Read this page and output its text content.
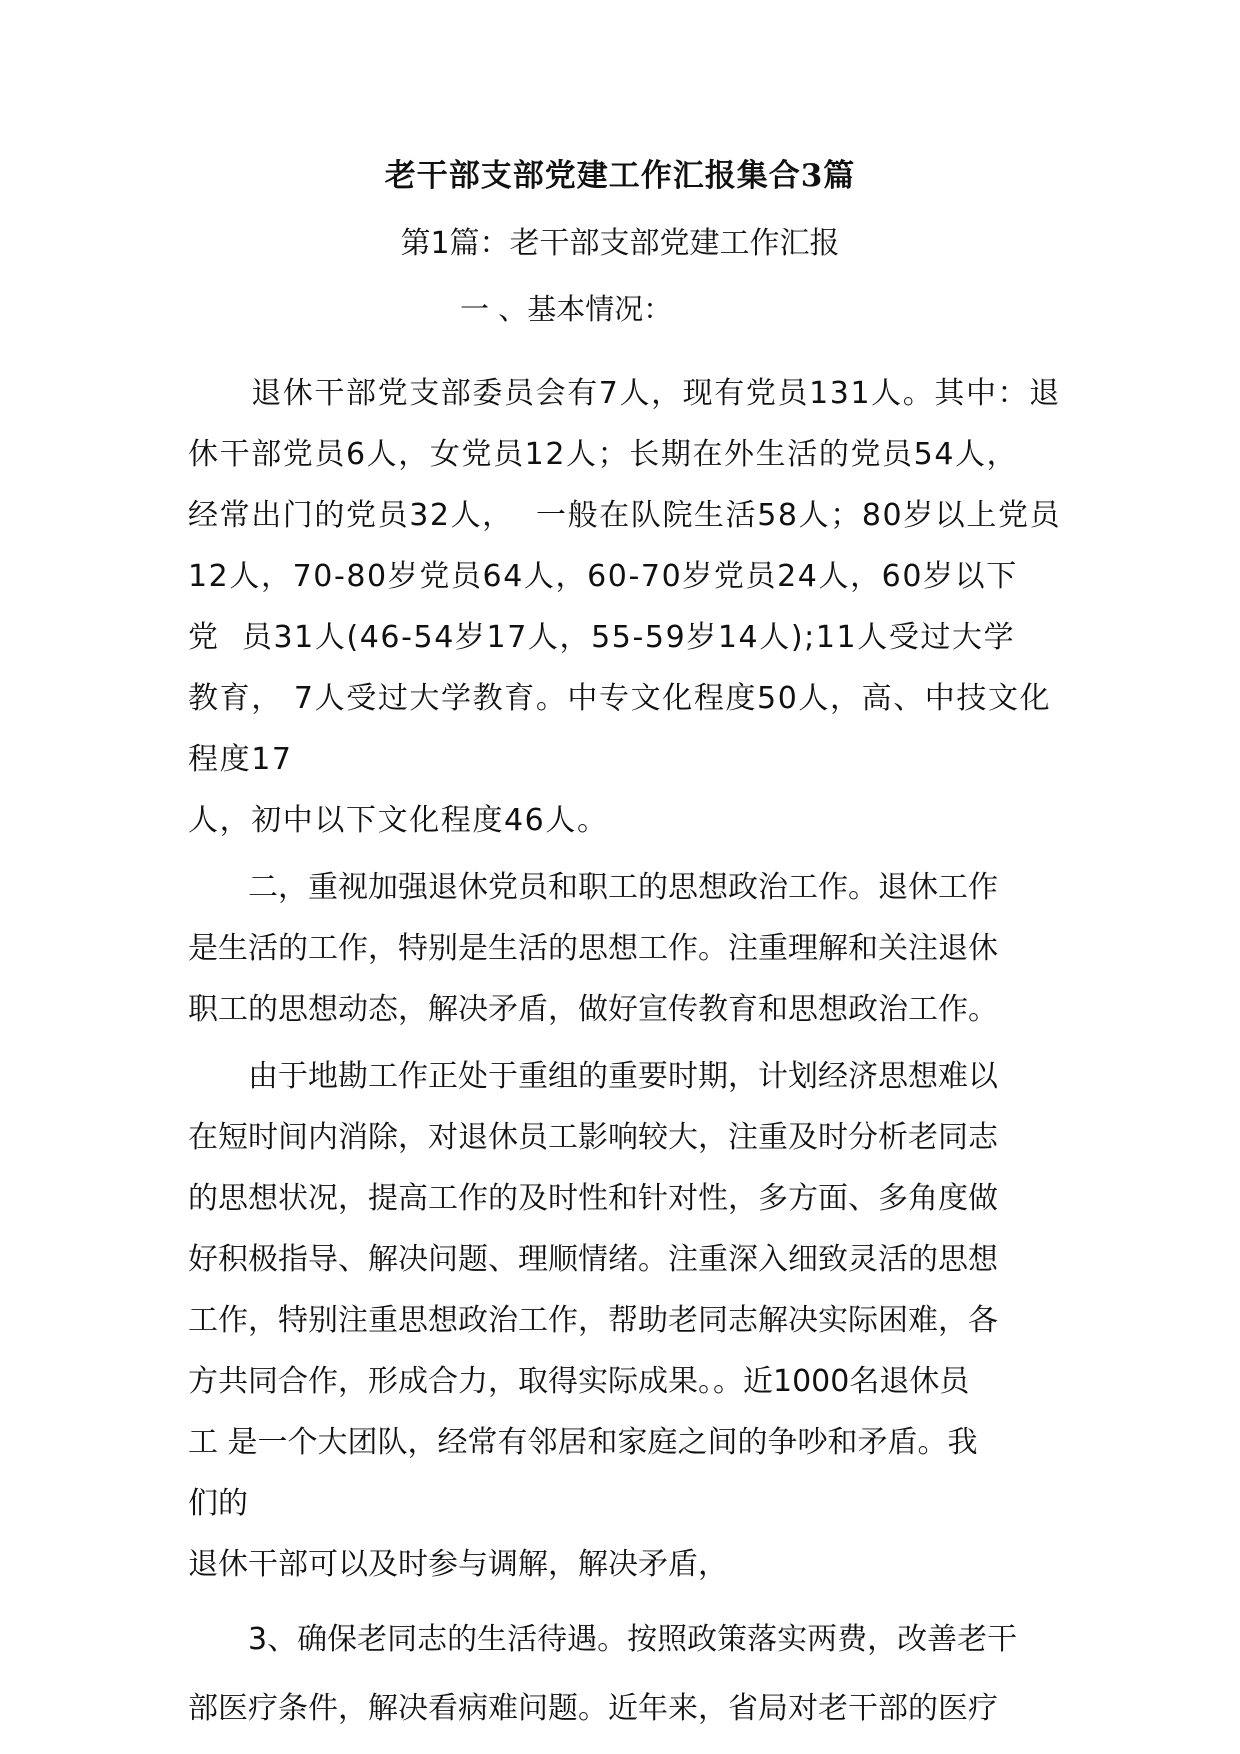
老干部支部党建工作汇报集合3篇
第1篇：老干部支部党建工作汇报
一 、基本情况：
　　退休干部党支部委员会有7人，现有党员131人。其中：退
休干部党员6人，女党员12人；长期在外生活的党员54人，
经常出门的党员32人，  一般在队院生活58人；80岁以上党员
12人，70-80岁党员64人，60-70岁党员24人，60岁以下
党  员31人(46-54岁17人，55-59岁14人);11人受过大学
教育， 7人受过大学教育。中专文化程度50人，高、中技文化
程度17
人，初中以下文化程度46人。
　　二，重视加强退休党员和职工的思想政治工作。退休工作
是生活的工作，特别是生活的思想工作。注重理解和关注退休
职工的思想动态，解决矛盾，做好宣传教育和思想政治工作。
　　由于地勘工作正处于重组的重要时期，计划经济思想难以
在短时间内消除，对退休员工影响较大，注重及时分析老同志
的思想状况，提高工作的及时性和针对性，多方面、多角度做
好积极指导、解决问题、理顺情绪。注重深入细致灵活的思想
工作，特别注重思想政治工作，帮助老同志解决实际困难，各
方共同合作，形成合力，取得实际成果。。近1000名退休员
工 是一个大团队，经常有邻居和家庭之间的争吵和矛盾。我
们的
退休干部可以及时参与调解，解决矛盾，
　　3、确保老同志的生活待遇。按照政策落实两费，改善老干
部医疗条件，解决看病难问题。近年来，省局对老干部的医疗
